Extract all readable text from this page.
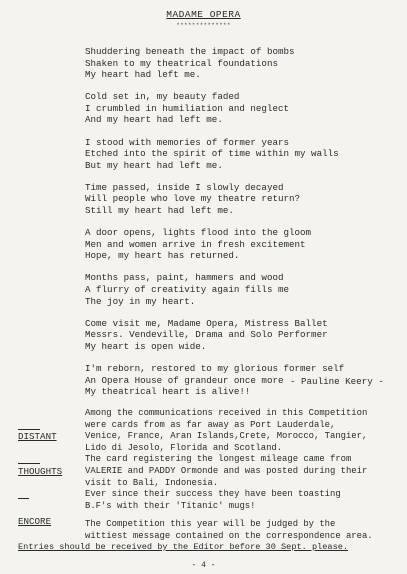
MADAME OPERA
**************
Shuddering beneath the impact of bombs
Shaken to my theatrical foundations
My heart had left me.
Cold set in, my beauty faded
I crumbled in humiliation and neglect
And my heart had left me.
I stood with memories of former years
Etched into the spirit of time within my walls
But my heart had left me.
Time passed, inside I slowly decayed
Will people who love my theatre return?
Still my heart had left me.
A door opens, lights flood into the gloom
Men and women arrive in fresh excitement
Hope, my heart has returned.
Months pass, paint, hammers and wood
A flurry of creativity again fills me
The joy in my heart.
Come visit me, Madame Opera, Mistress Ballet
Messrs. Vendeville, Drama and Solo Performer
My heart is open wide.
I'm reborn, restored to my glorious former self
An Opera House of grandeur once more
My theatrical heart is alive!!
- Pauline Keery -

DISTANT

THOUGHTS

Among the communications received in this Competition
were cards from as far away as Port Lauderdale,
Venice, France, Aran Islands,Crete, Morocco, Tangier,
Lido di Jesolo, Florida and Scotland.
The card registering the longest mileage came from
VALERIE and PADDY Ormonde and was posted during their
visit to Bali, Indonesia.
Ever since their success they have been toasting
B.F's with their 'Titanic' mugs!
ENCORE	The Competition this year will be judged by the
wittiest message contained on the correspondence area.
Entries should be received by the Editor before 30 Sept. please.
- 4 -
